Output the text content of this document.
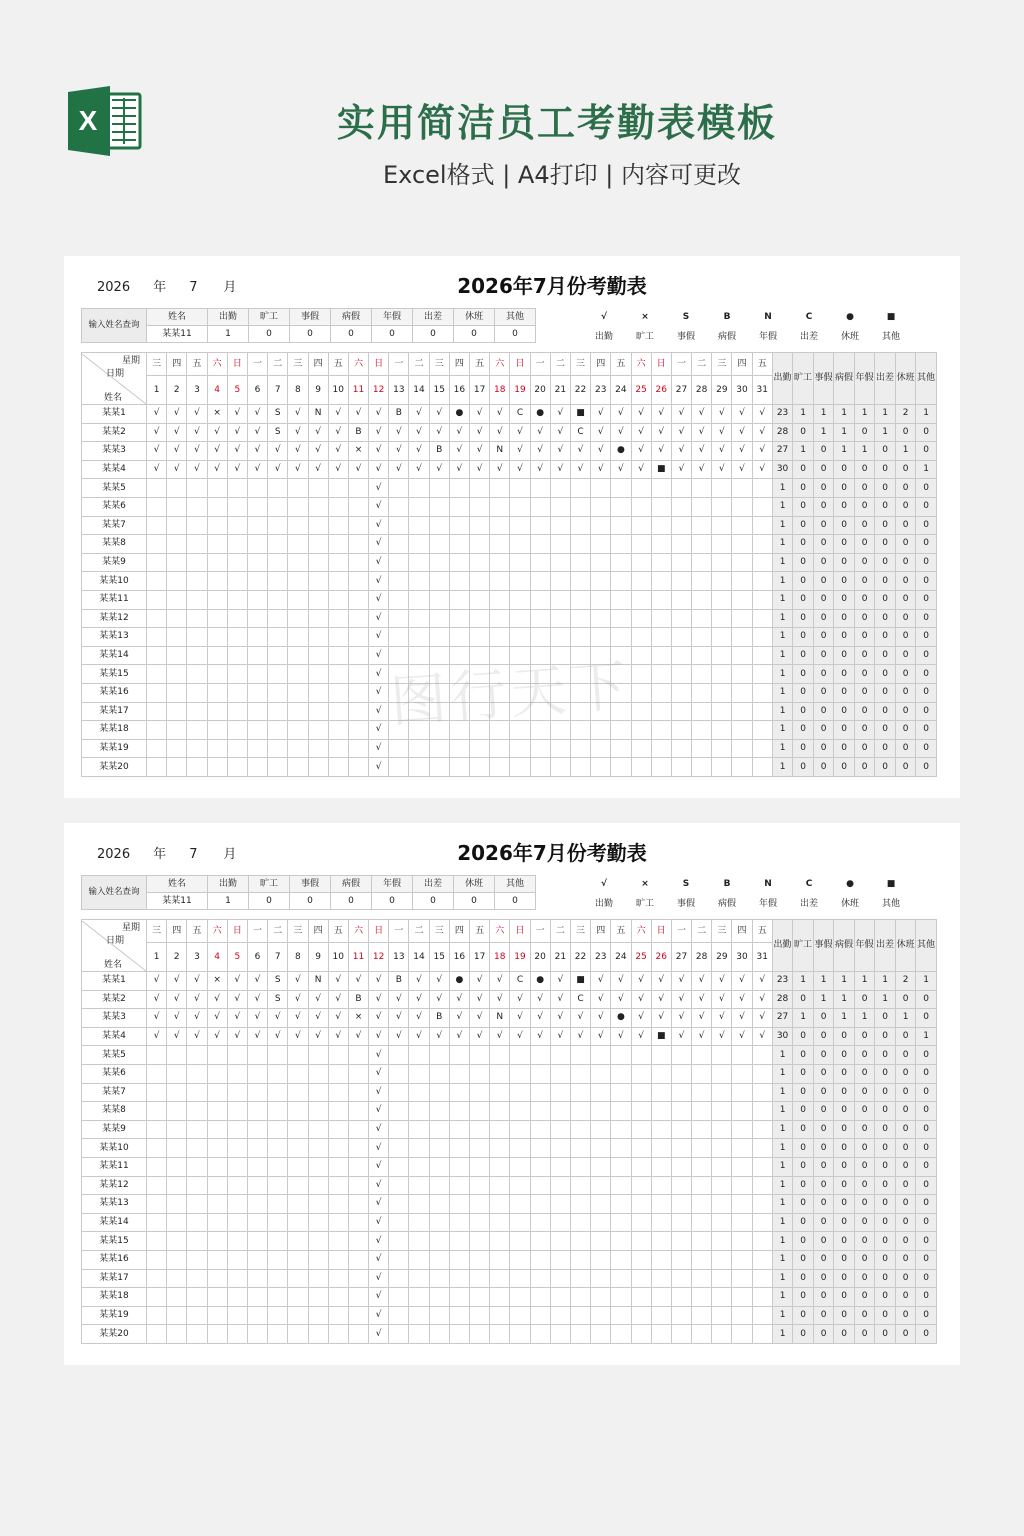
X	实用简洁员工考勤表模板
Excel格式 | A4打印 | 内容可更改
2026 年 7 月	2026年7月份考勤表
输入姓名查询	姓名	出勤	旷工	事假	病假	年假	出差	休班	其他
	某某11	1	0	0	0	0	0	0	0
√
出勤
×
旷工
S
事假
B
病假
N
年假
C
出差
●
休班
■
其他
星期
日期
姓名	三	四	五	六	日	一	二	三	四	五	六	日	一	二	三	四	五	六	日	一	二	三	四	五	六	日	一	二	三	四	五	出勤	旷工	事假	病假	年假	出差	休班	其他
	1	2	3	4	5	6	7	8	9	10	11	12	13	14	15	16	17	18	19	20	21	22	23	24	25	26	27	28	29	30	31								
某某1	√	√	√	×	√	√	S	√	N	√	√	√	B	√	√	●	√	√	C	●	√	■	√	√	√	√	√	√	√	√	√	23	1	1	1	1	1	2	1
某某2	√	√	√	√	√	√	S	√	√	√	B	√	√	√	√	√	√	√	√	√	√	C	√	√	√	√	√	√	√	√	√	28	0	1	1	0	1	0	0
某某3	√	√	√	√	√	√	√	√	√	√	×	√	√	√	B	√	√	N	√	√	√	√	√	●	√	√	√	√	√	√	√	27	1	0	1	1	0	1	0
某某4	√	√	√	√	√	√	√	√	√	√	√	√	√	√	√	√	√	√	√	√	√	√	√	√	√	■	√	√	√	√	√	30	0	0	0	0	0	0	1
某某5												√																				1	0	0	0	0	0	0	0
某某6												√																				1	0	0	0	0	0	0	0
某某7												√																				1	0	0	0	0	0	0	0
某某8												√																				1	0	0	0	0	0	0	0
某某9												√																				1	0	0	0	0	0	0	0
某某10												√																				1	0	0	0	0	0	0	0
某某11												√																				1	0	0	0	0	0	0	0
某某12												√																				1	0	0	0	0	0	0	0
某某13												√																				1	0	0	0	0	0	0	0
某某14												√																				1	0	0	0	0	0	0	0
某某15												√																				1	0	0	0	0	0	0	0
某某16												√																				1	0	0	0	0	0	0	0
某某17												√																				1	0	0	0	0	0	0	0
某某18												√																				1	0	0	0	0	0	0	0
某某19												√																				1	0	0	0	0	0	0	0
某某20												√																				1	0	0	0	0	0	0	0
2026 年 7 月	2026年7月份考勤表
输入姓名查询	姓名	出勤	旷工	事假	病假	年假	出差	休班	其他
	某某11	1	0	0	0	0	0	0	0
√
出勤
×
旷工
S
事假
B
病假
N
年假
C
出差
●
休班
■
其他
星期
日期
姓名	三	四	五	六	日	一	二	三	四	五	六	日	一	二	三	四	五	六	日	一	二	三	四	五	六	日	一	二	三	四	五	出勤	旷工	事假	病假	年假	出差	休班	其他
	1	2	3	4	5	6	7	8	9	10	11	12	13	14	15	16	17	18	19	20	21	22	23	24	25	26	27	28	29	30	31								
某某1	√	√	√	×	√	√	S	√	N	√	√	√	B	√	√	●	√	√	C	●	√	■	√	√	√	√	√	√	√	√	√	23	1	1	1	1	1	2	1
某某2	√	√	√	√	√	√	S	√	√	√	B	√	√	√	√	√	√	√	√	√	√	C	√	√	√	√	√	√	√	√	√	28	0	1	1	0	1	0	0
某某3	√	√	√	√	√	√	√	√	√	√	×	√	√	√	B	√	√	N	√	√	√	√	√	●	√	√	√	√	√	√	√	27	1	0	1	1	0	1	0
某某4	√	√	√	√	√	√	√	√	√	√	√	√	√	√	√	√	√	√	√	√	√	√	√	√	√	■	√	√	√	√	√	30	0	0	0	0	0	0	1
某某5												√																				1	0	0	0	0	0	0	0
某某6												√																				1	0	0	0	0	0	0	0
某某7												√																				1	0	0	0	0	0	0	0
某某8												√																				1	0	0	0	0	0	0	0
某某9												√																				1	0	0	0	0	0	0	0
某某10												√																				1	0	0	0	0	0	0	0
某某11												√																				1	0	0	0	0	0	0	0
某某12												√																				1	0	0	0	0	0	0	0
某某13												√																				1	0	0	0	0	0	0	0
某某14												√																				1	0	0	0	0	0	0	0
某某15												√																				1	0	0	0	0	0	0	0
某某16												√																				1	0	0	0	0	0	0	0
某某17												√																				1	0	0	0	0	0	0	0
某某18												√																				1	0	0	0	0	0	0	0
某某19												√																				1	0	0	0	0	0	0	0
某某20												√																				1	0	0	0	0	0	0	0
图行天下
